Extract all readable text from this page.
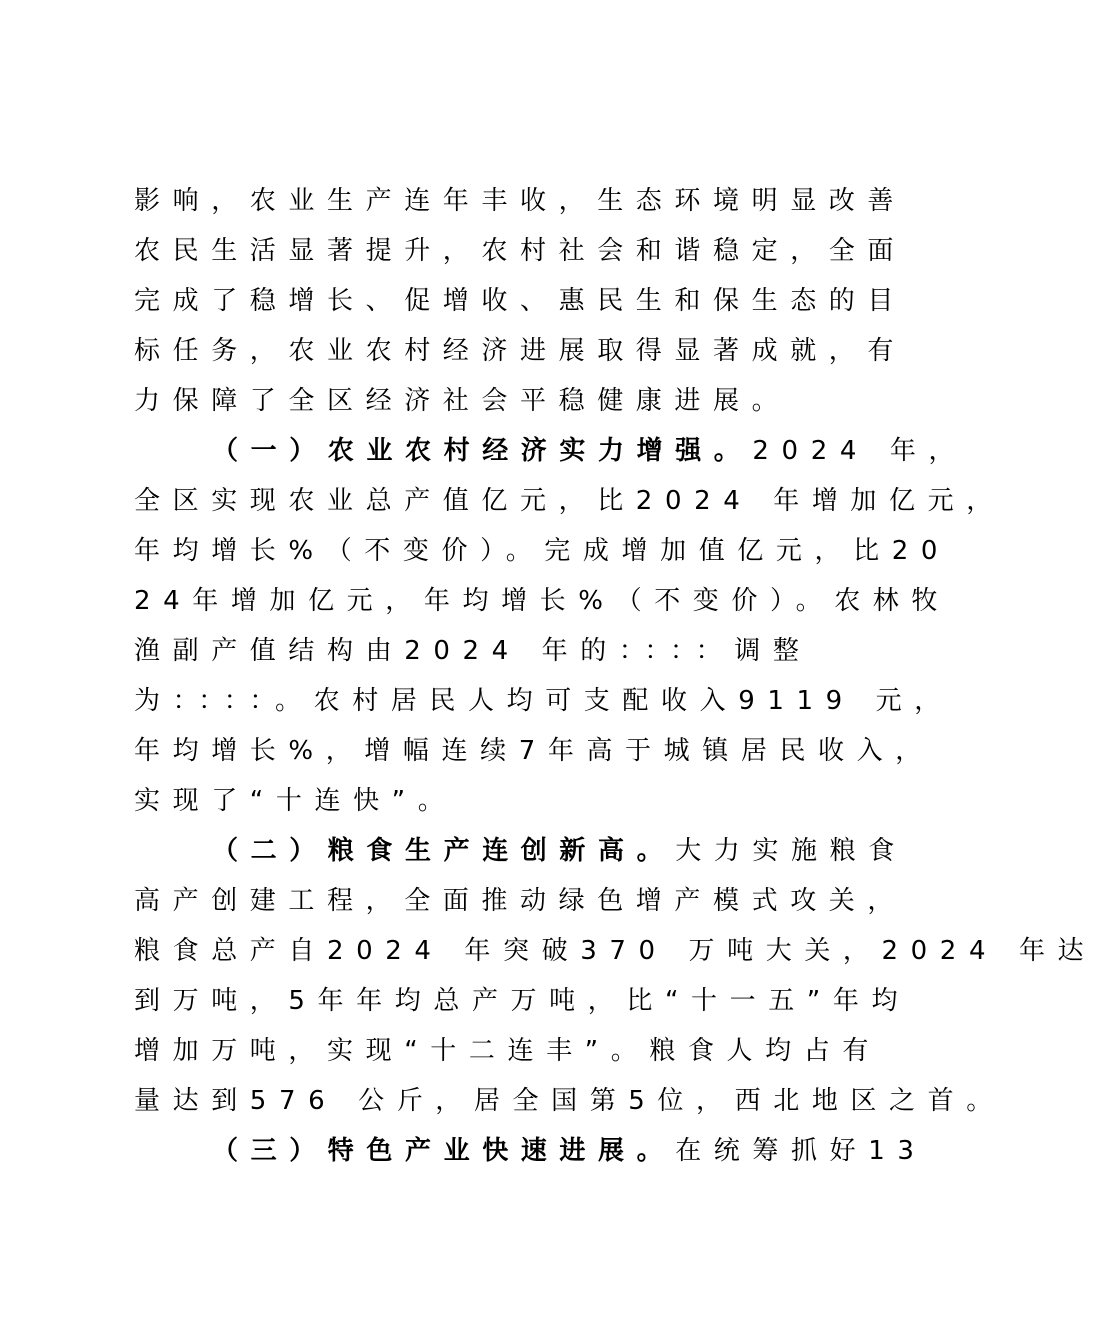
影响，农业生产连年丰收，生态环境明显改善
农民生活显著提升，农村社会和谐稳定，全面
完成了稳增长、促增收、惠民生和保生态的目
标任务，农业农村经济进展取得显著成就，有
力保障了全区经济社会平稳健康进展。
（一）农业农村经济实力增强。2024 年，
全区实现农业总产值亿元，比2024 年增加亿元，
年均增长%（不变价）。完成增加值亿元，比20
24年增加亿元，年均增长%（不变价）。农林牧
渔副产值结构由2024 年的：：：：调整
为：：：：。农村居民人均可支配收入9119 元，
年均增长%，增幅连续7年高于城镇居民收入，
实现了“十连快”。
（二）粮食生产连创新高。大力实施粮食
高产创建工程，全面推动绿色增产模式攻关，
粮食总产自2024 年突破370 万吨大关，2024 年达
到万吨，5年年均总产万吨，比“十一五”年均
增加万吨，实现“十二连丰”。粮食人均占有
量达到576 公斤，居全国第5位，西北地区之首。
（三）特色产业快速进展。在统筹抓好13
